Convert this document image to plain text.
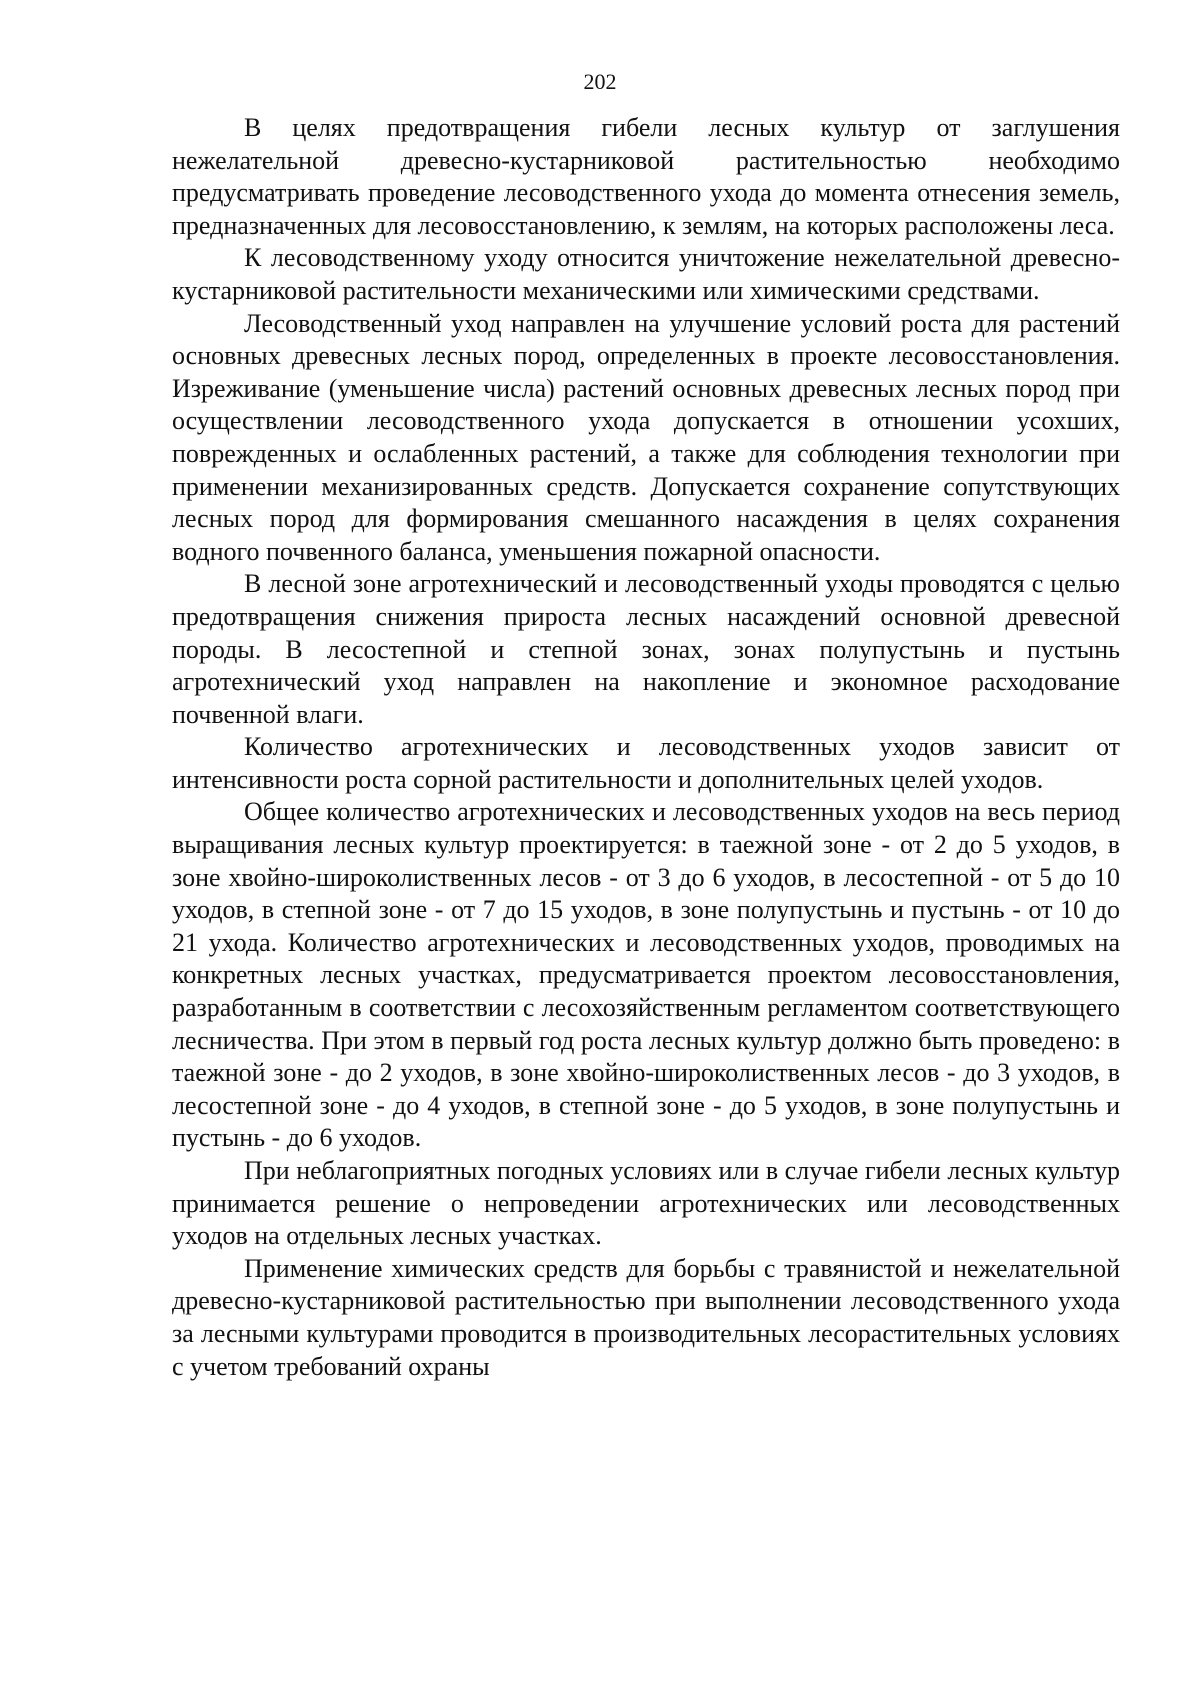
202

В целях предотвращения гибели лесных культур от заглушения нежелательной древесно-кустарниковой растительностью необходимо предусматривать проведение лесоводственного ухода до момента отнесения земель, предназначенных для лесовосстановлению, к землям, на которых расположены леса.

К лесоводственному уходу относится уничтожение нежелательной древесно-кустарниковой растительности механическими или химическими средствами.

Лесоводственный уход направлен на улучшение условий роста для растений основных древесных лесных пород, определенных в проекте лесовосстановления. Изреживание (уменьшение числа) растений основных древесных лесных пород при осуществлении лесоводственного ухода допускается в отношении усохших, поврежденных и ослабленных растений, а также для соблюдения технологии при применении механизированных средств. Допускается сохранение сопутствующих лесных пород для формирования смешанного насаждения в целях сохранения водного почвенного баланса, уменьшения пожарной опасности.

В лесной зоне агротехнический и лесоводственный уходы проводятся с целью предотвращения снижения прироста лесных насаждений основной древесной породы. В лесостепной и степной зонах, зонах полупустынь и пустынь агротехнический уход направлен на накопление и экономное расходование почвенной влаги.

Количество агротехнических и лесоводственных уходов зависит от интенсивности роста сорной растительности и дополнительных целей уходов.

Общее количество агротехнических и лесоводственных уходов на весь период выращивания лесных культур проектируется: в таежной зоне - от 2 до 5 уходов, в зоне хвойно-широколиственных лесов - от 3 до 6 уходов, в лесостепной - от 5 до 10 уходов, в степной зоне - от 7 до 15 уходов, в зоне полупустынь и пустынь - от 10 до 21 ухода. Количество агротехнических и лесоводственных уходов, проводимых на конкретных лесных участках, предусматривается проектом лесовосстановления, разработанным в соответствии с лесохозяйственным регламентом соответствующего лесничества. При этом в первый год роста лесных культур должно быть проведено: в таежной зоне - до 2 уходов, в зоне хвойно-широколиственных лесов - до 3 уходов, в лесостепной зоне - до 4 уходов, в степной зоне - до 5 уходов, в зоне полупустынь и пустынь - до 6 уходов.

При неблагоприятных погодных условиях или в случае гибели лесных культур принимается решение о непроведении агротехнических или лесоводственных уходов на отдельных лесных участках.

Применение химических средств для борьбы с травянистой и нежелательной древесно-кустарниковой растительностью при выполнении лесоводственного ухода за лесными культурами проводится в производительных лесорастительных условиях с учетом требований охраны
